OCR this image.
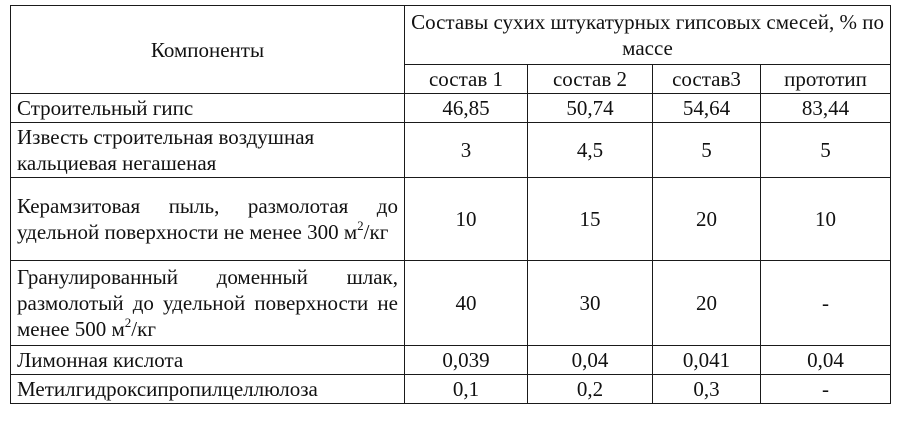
Компоненты	Составы сухих штукатурных гипсовых смесей, % по массе			
	состав 1	состав 2	состав3	прототип
Строительный гипс	46,85	50,74	54,64	83,44
Известь строительная воздушная кальциевая негашеная	3	4,5	5	5
Керамзитовая пыль, размолотая до удельной поверхности не менее 300 $м^2/кг$	10	15	20	10
Гранулированный доменный шлак, размолотый до удельной поверхности не менее 500 $м^2/кг$	40	30	20	-
Лимонная кислота	0,039	0,04	0,041	0,04
Метилгидроксипропилцеллюлоза	0,1	0,2	0,3	-
